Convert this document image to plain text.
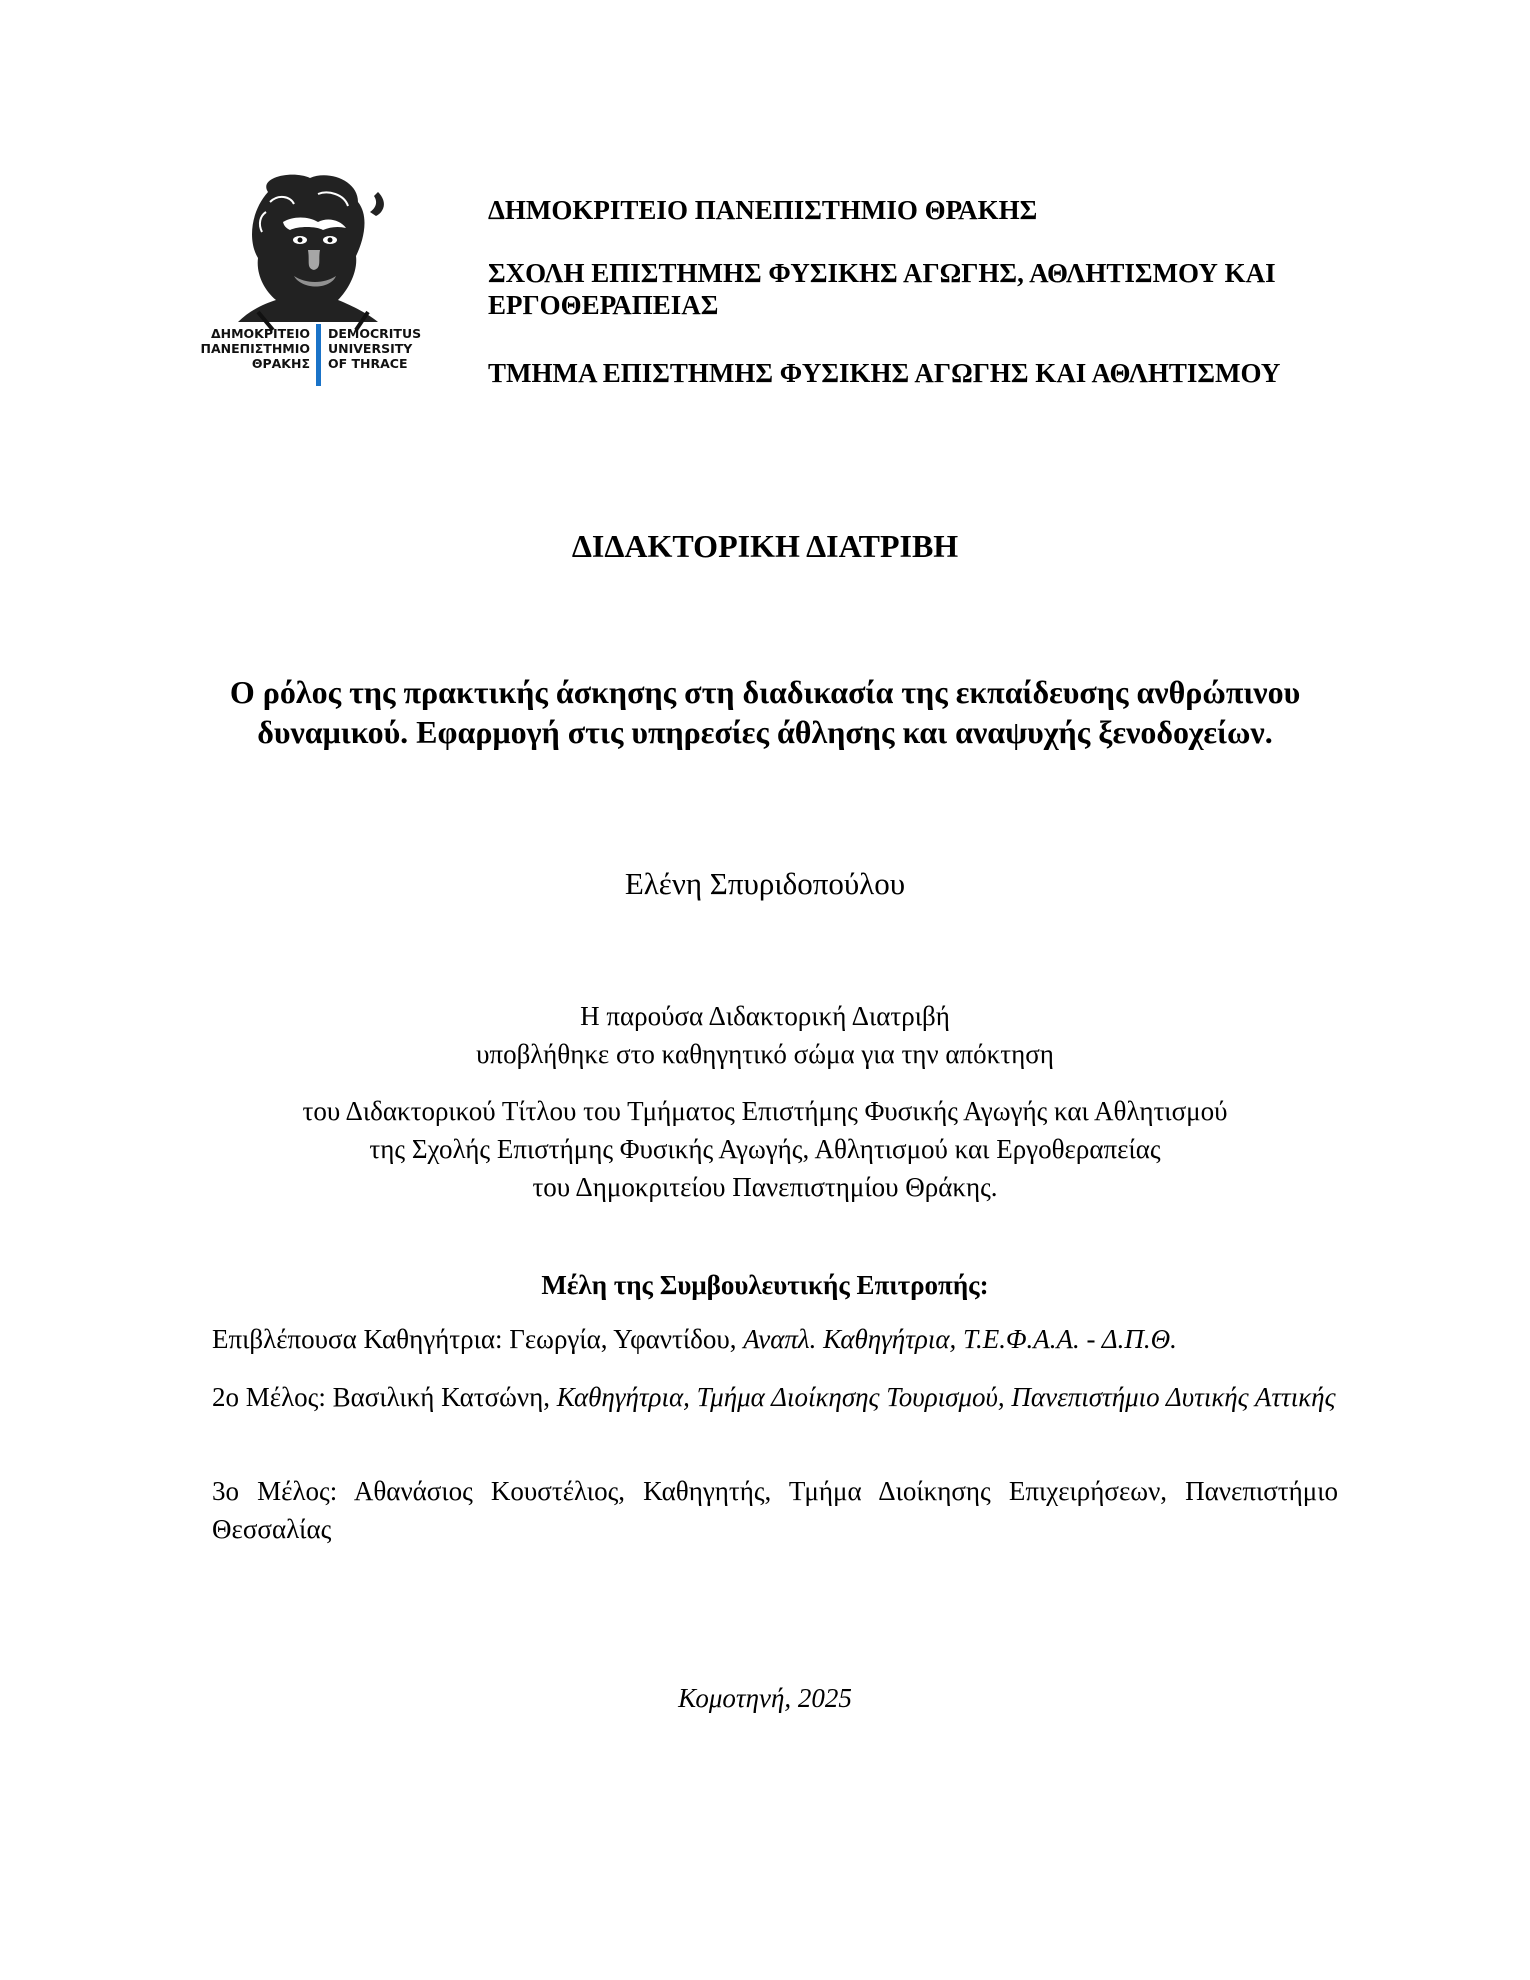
ΔΗΜΟΚΡΙΤΕΙΟ
ΠΑΝΕΠΙΣΤΗΜΙΟ
ΘΡΑΚΗΣ
DEMOCRITUS
UNIVERSITY
OF THRACE
ΔΗΜΟΚΡΙΤΕΙΟ ΠΑΝΕΠΙΣΤΗΜΙΟ ΘΡΑΚΗΣ
ΣΧΟΛΗ ΕΠΙΣΤΗΜΗΣ ΦΥΣΙΚΗΣ ΑΓΩΓΗΣ, ΑΘΛΗΤΙΣΜΟΥ ΚΑΙ ΕΡΓΟΘΕΡΑΠΕΙΑΣ
ΤΜΗΜΑ ΕΠΙΣΤΗΜΗΣ ΦΥΣΙΚΗΣ ΑΓΩΓΗΣ ΚΑΙ ΑΘΛΗΤΙΣΜΟΥ
ΔΙΔΑΚΤΟΡΙΚΗ ΔΙΑΤΡΙΒΗ
Ο ρόλος της πρακτικής άσκησης στη διαδικασία της εκπαίδευσης ανθρώπινου δυναμικού. Εφαρμογή στις υπηρεσίες άθλησης και αναψυχής ξενοδοχείων.
Ελένη Σπυριδοπούλου
Η παρούσα Διδακτορική Διατριβή
υποβλήθηκε στο καθηγητικό σώμα για την απόκτηση
του Διδακτορικού Τίτλου του Τμήματος Επιστήμης Φυσικής Αγωγής και Αθλητισμού
της Σχολής Επιστήμης Φυσικής Αγωγής, Αθλητισμού και Εργοθεραπείας
του Δημοκριτείου Πανεπιστημίου Θράκης.
Μέλη της Συμβουλευτικής Επιτροπής:
Επιβλέπουσα Καθηγήτρια: Γεωργία, Υφαντίδου, Αναπλ. Καθηγήτρια, Τ.Ε.Φ.Α.Α. - Δ.Π.Θ.
2ο Μέλος: Βασιλική Κατσώνη, Καθηγήτρια, Τμήμα Διοίκησης Τουρισμού, Πανεπιστήμιο Δυτικής Αττικής
3ο Μέλος: Αθανάσιος Κουστέλιος, Καθηγητής, Τμήμα Διοίκησης Επιχειρήσεων, Πανεπιστήμιο Θεσσαλίας
Κομοτηνή, 2025
